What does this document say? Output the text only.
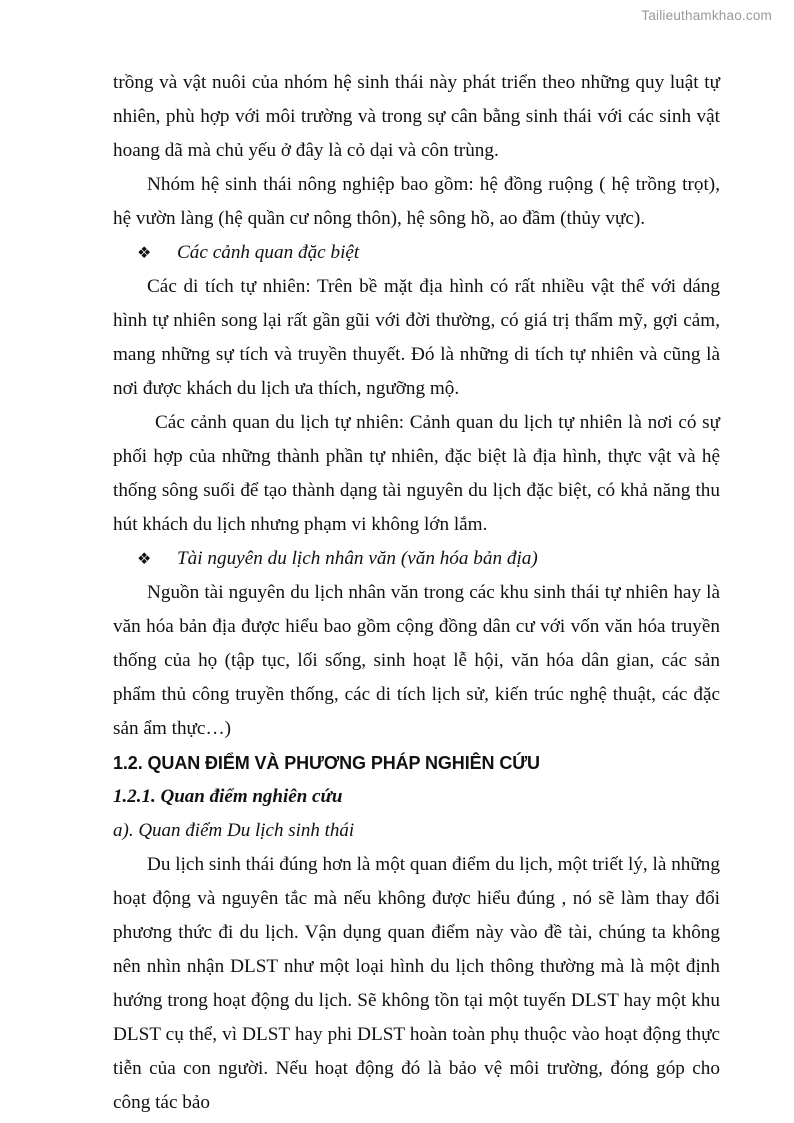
Tailieuthamkhao.com

trồng và vật nuôi của nhóm hệ sinh thái này phát triển theo những quy luật tự nhiên, phù hợp với môi trường và trong sự cân bằng sinh thái với các sinh vật hoang dã mà chủ yếu ở đây là cỏ dại và côn trùng.

Nhóm hệ sinh thái nông nghiệp bao gồm: hệ đồng ruộng ( hệ trồng trọt), hệ vườn làng (hệ quần cư nông thôn), hệ sông hồ, ao đầm (thủy vực).

❖	Các cảnh quan đặc biệt

Các di tích tự nhiên: Trên bề mặt địa hình có rất nhiều vật thể với dáng hình tự nhiên song lại rất gần gũi với đời thường, có giá trị thẩm mỹ, gợi cảm, mang những sự tích và truyền thuyết. Đó là những di tích tự nhiên và cũng là nơi được khách du lịch ưa thích, ngưỡng mộ.

Các cảnh quan du lịch tự nhiên: Cảnh quan du lịch tự nhiên là nơi có sự phối hợp của những thành phần tự nhiên, đặc biệt là địa hình, thực vật và hệ thống sông suối để tạo thành dạng tài nguyên du lịch đặc biệt, có khả năng thu hút khách du lịch nhưng phạm vi không lớn lắm.

❖	Tài nguyên du lịch nhân văn (văn hóa bản địa)

Nguồn tài nguyên du lịch nhân văn trong các khu sinh thái tự nhiên hay là văn hóa bản địa được hiểu bao gồm cộng đồng dân cư với vốn văn hóa truyền thống của họ (tập tục, lối sống, sinh hoạt lễ hội, văn hóa dân gian, các sản phẩm thủ công truyền thống, các di tích lịch sử, kiến trúc nghệ thuật, các đặc sản ẩm thực…)

1.2. QUAN ĐIỂM VÀ PHƯƠNG PHÁP NGHIÊN CỨU
1.2.1. Quan điểm nghiên cứu
a). Quan điểm Du lịch sinh thái

Du lịch sinh thái đúng hơn là một quan điểm du lịch, một triết lý, là những hoạt động và nguyên tắc mà nếu không được hiểu đúng , nó sẽ làm thay đổi phương thức đi du lịch. Vận dụng quan điểm này vào đề tài, chúng ta không nên nhìn nhận DLST như một loại hình du lịch thông thường mà là một định hướng trong hoạt động du lịch. Sẽ không tồn tại một tuyến DLST hay một khu DLST cụ thể, vì DLST hay phi DLST hoàn toàn phụ thuộc vào hoạt động thực tiễn của con người. Nếu hoạt động đó là bảo vệ môi trường, đóng góp cho công tác bảo
